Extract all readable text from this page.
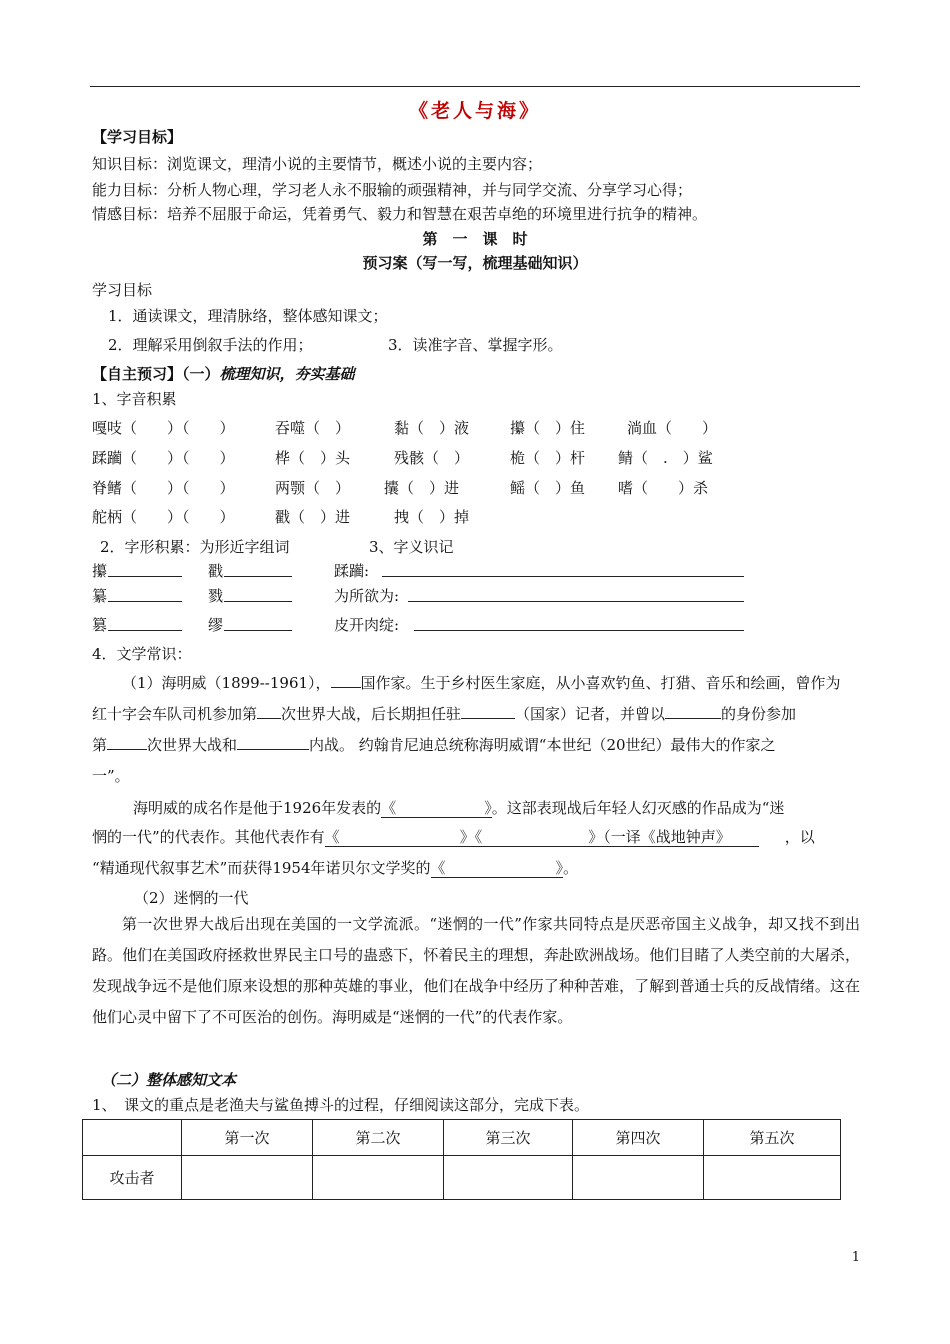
《老人与海》
【学习目标】
知识目标：浏览课文，理清小说的主要情节，概述小说的主要内容；
能力目标：分析人物心理，学习老人永不服输的顽强精神，并与同学交流、分享学习心得；
情感目标：培养不屈服于命运，凭着勇气、毅力和智慧在艰苦卓绝的环境里进行抗争的精神。
第　一　课　时
预习案（写一写，梳理基础知识）
学习目标
1．通读课文，理清脉络，整体感知课文；
2．理解采用倒叙手法的作用；	3．读准字音、掌握字形。
【自主预习】（一）梳理知识，夯实基础
1、字音积累
嘎吱（　　）（　　）	吞噬（　）	黏（　）液	攥（　）住	淌血（　　）
蹂躏（　　）（　　）	桦（　）头	残骸（　）	桅（　）杆 鲭（　.　）鲨
脊鳍（　　）（　　）	两颚（　） 攮（　）进	鳐（　）鱼 嗜（　　）杀
舵柄（　　）（　　）	戳（　）进	拽（　）掉
2．字形积累：为形近字组词	3、字义识记
攥	戳	蹂躏:
纂	戮	为所欲为:
篡	缪	皮开肉绽:
4．文学常识：
（1）海明威（1899--1961）， 国作家。生于乡村医生家庭，从小喜欢钓鱼、打猎、音乐和绘画，曾作为
红十字会车队司机参加第 次世界大战，后长期担任驻	（国家）记者，并曾以	的身份参加
第	次世界大战和	内战。 约翰肯尼迪总统称海明威谓“本世纪（20世纪）最伟大的作家之
一”。
海明威的成名作是他于1926年发表的《	》。这部表现战后年轻人幻灭感的作品成为“迷
惘的一代”的代表作。其他代表作有《	》《	》（一译《战地钟声》	，以
“精通现代叙事艺术”而获得1954年诺贝尔文学奖的《	》。
（2）迷惘的一代
第一次世界大战后出现在美国的一文学流派。“迷惘的一代”作家共同特点是厌恶帝国主义战争，却又找不到出路。他们在美国政府拯救世界民主口号的蛊惑下，怀着民主的理想，奔赴欧洲战场。他们目睹了人类空前的大屠杀，发现战争远不是他们原来设想的那种英雄的事业，他们在战争中经历了种种苦难，了解到普通士兵的反战情绪。这在他们心灵中留下了不可医治的创伤。海明威是“迷惘的一代”的代表作家。
（二）整体感知文本
1、　课文的重点是老渔夫与鲨鱼搏斗的过程，仔细阅读这部分，完成下表。
	第一次	第二次	第三次	第四次	第五次
攻击者					
1
